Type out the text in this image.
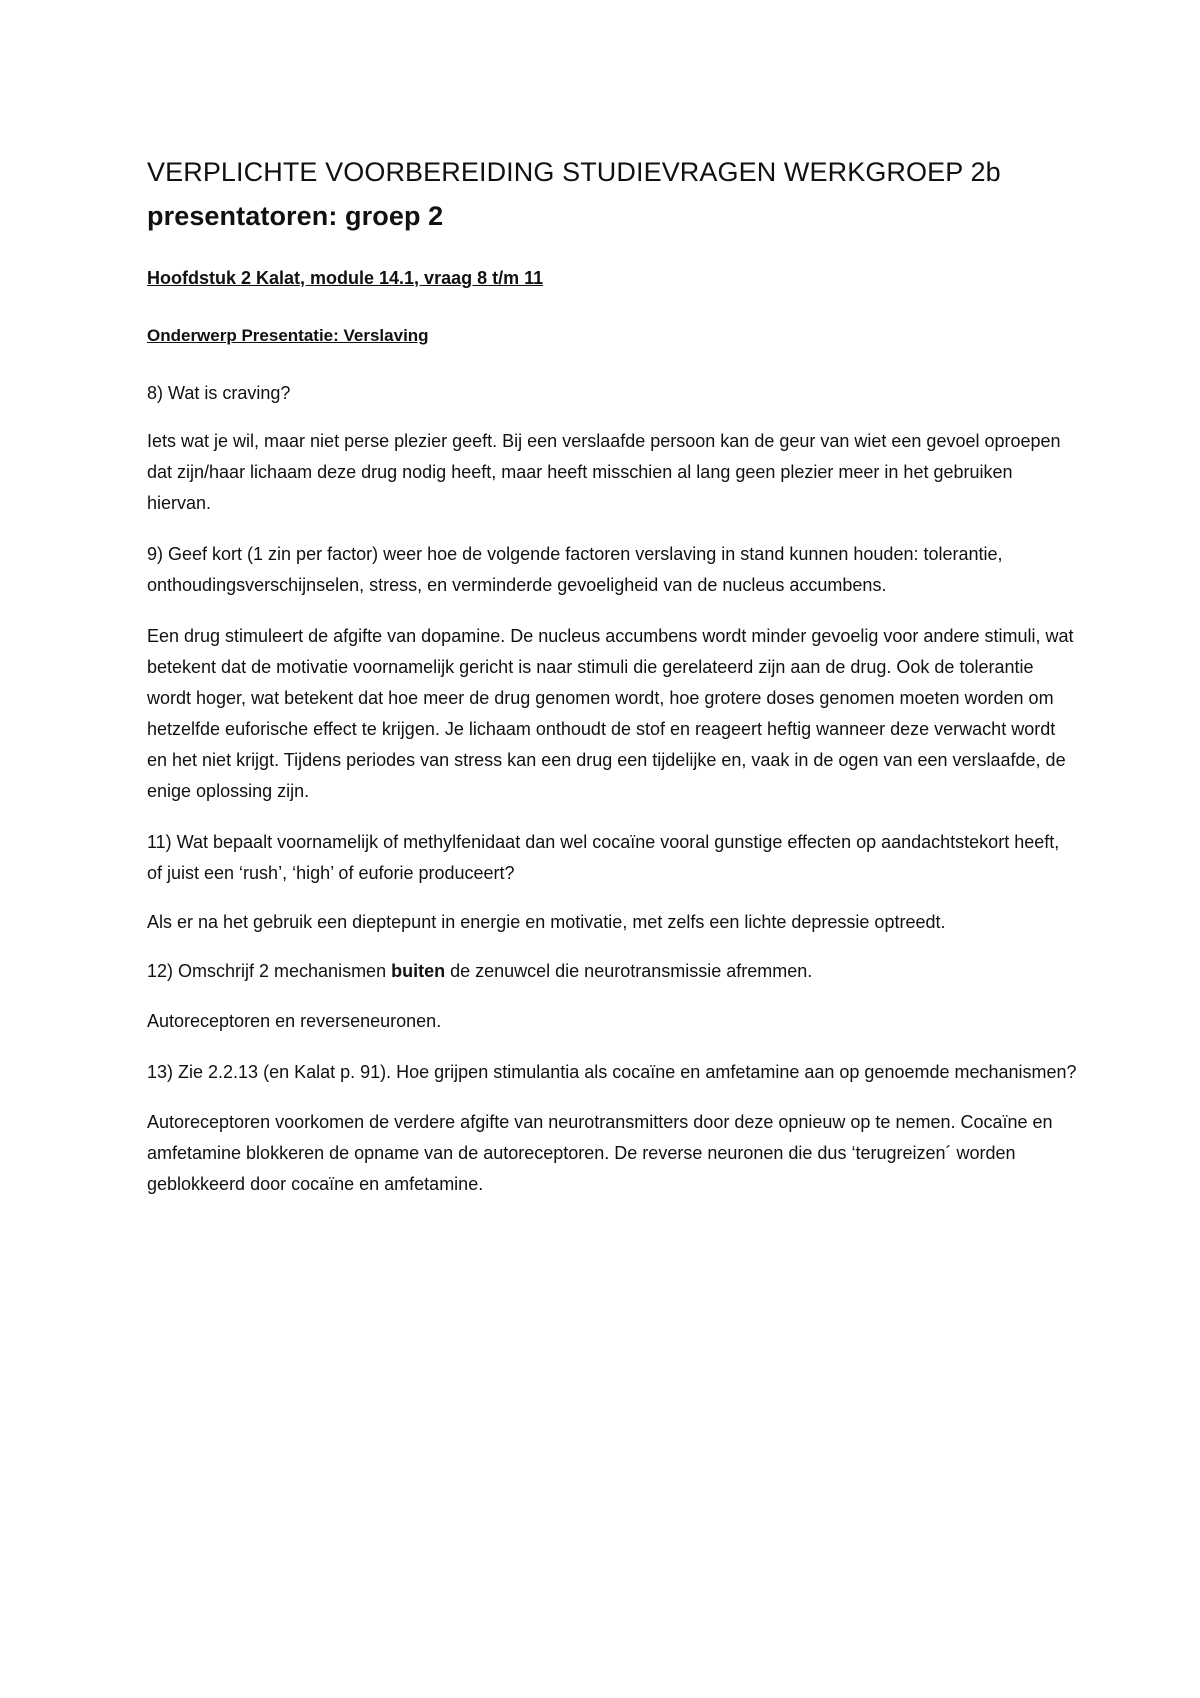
VERPLICHTE VOORBEREIDING STUDIEVRAGEN WERKGROEP 2b
presentatoren: groep 2

Hoofdstuk 2 Kalat, module 14.1, vraag 8 t/m 11

Onderwerp Presentatie: Verslaving

8) Wat is craving?

Iets wat je wil, maar niet perse plezier geeft. Bij een verslaafde persoon kan de geur van wiet een gevoel oproepen dat zijn/haar lichaam deze drug nodig heeft, maar heeft misschien al lang geen plezier meer in het gebruiken hiervan.

9) Geef kort (1 zin per factor) weer hoe de volgende factoren verslaving in stand kunnen houden: tolerantie, onthoudingsverschijnselen, stress, en verminderde gevoeligheid van de nucleus accumbens.

Een drug stimuleert de afgifte van dopamine. De nucleus accumbens wordt minder gevoelig voor andere stimuli, wat betekent dat de motivatie voornamelijk gericht is naar stimuli die gerelateerd zijn aan de drug. Ook de tolerantie wordt hoger, wat betekent dat hoe meer de drug genomen wordt, hoe grotere doses genomen moeten worden om hetzelfde euforische effect te krijgen. Je lichaam onthoudt de stof en reageert heftig wanneer deze verwacht wordt en het niet krijgt. Tijdens periodes van stress kan een drug een tijdelijke en, vaak in de ogen van een verslaafde, de enige oplossing zijn.

11) Wat bepaalt voornamelijk of methylfenidaat dan wel cocaïne vooral gunstige effecten op aandachtstekort heeft, of juist een ‘rush’, ‘high’ of euforie produceert?

Als er na het gebruik een dieptepunt in energie en motivatie, met zelfs een lichte depressie optreedt.

12) Omschrijf 2 mechanismen buiten de zenuwcel die neurotransmissie afremmen.

Autoreceptoren en reverseneuronen.

13) Zie 2.2.13 (en Kalat p. 91). Hoe grijpen stimulantia als cocaïne en amfetamine aan op genoemde mechanismen?

Autoreceptoren voorkomen de verdere afgifte van neurotransmitters door deze opnieuw op te nemen. Cocaïne en amfetamine blokkeren de opname van de autoreceptoren. De reverse neuronen die dus ‘terugreizen´ worden geblokkeerd door cocaïne en amfetamine.
